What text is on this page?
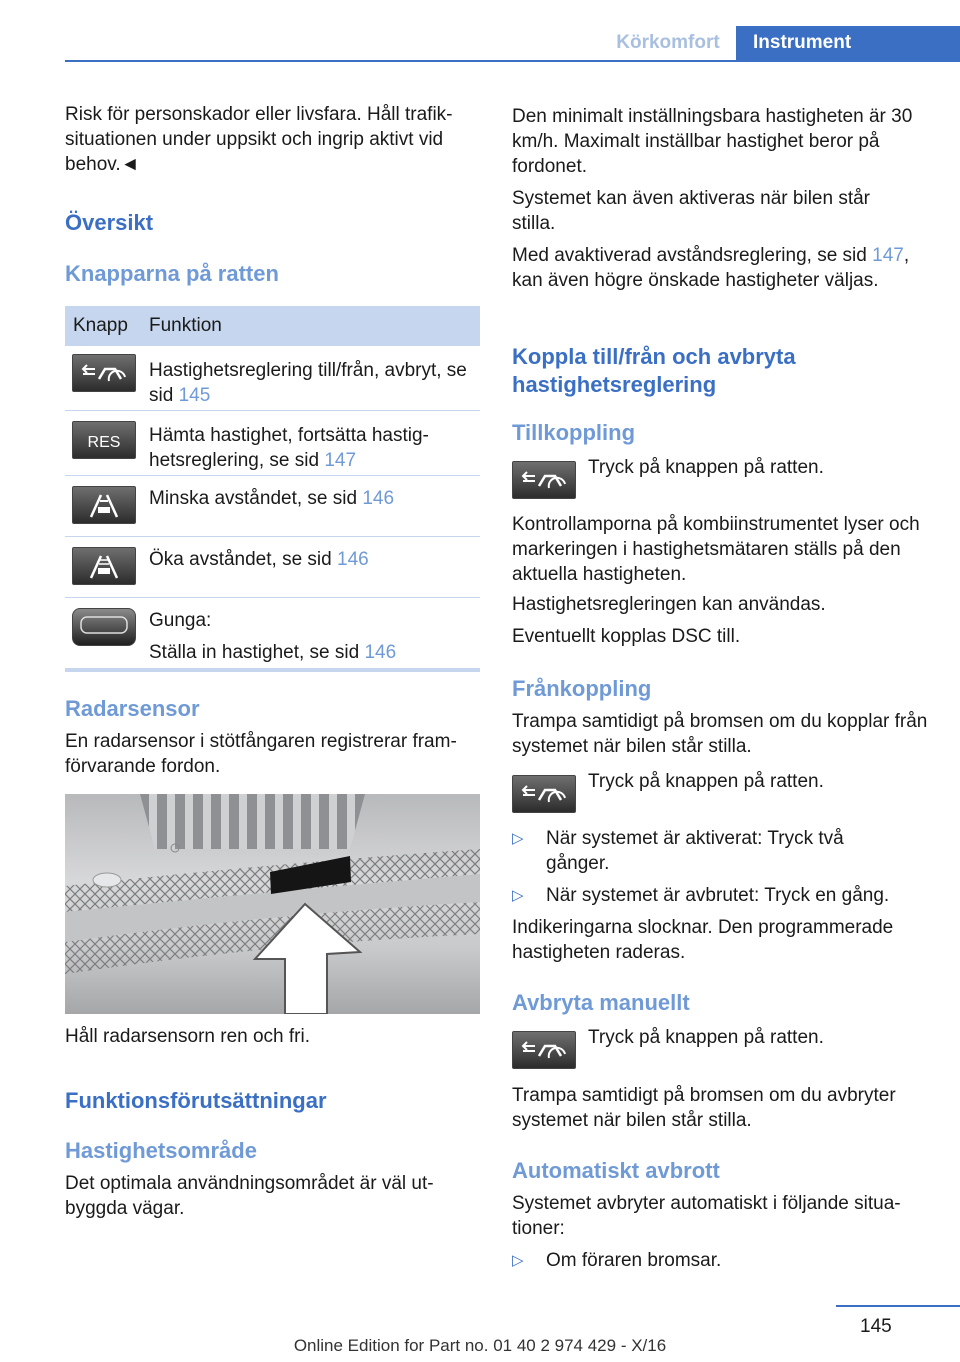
Körkomfort	Instrument

Risk för personskador eller livsfara. Håll trafik-situationen under uppsikt och ingrip aktivt vid behov.◄

Översikt
Knapparna på ratten
Knapp Funktion
Hastighetsreglering till/från, avbryt, se sid 145
RES	Hämta hastighet, fortsätta hastig-hetsreglering, se sid 147
Minska avståndet, se sid 146
Öka avståndet, se sid 146

Gunga:

Ställa in hastighet, se sid 146

Radarsensor
En radarsensor i stötfångaren registrerar fram-förvarande fordon.
Håll radarsensorn ren och fri.
Funktionsförutsättningar
Hastighetsområde
Det optimala användningsområdet är väl ut-byggda vägar.
Den minimalt inställningsbara hastigheten är 30 km/h. Maximalt inställbar hastighet beror på fordonet.
Systemet kan även aktiveras när bilen står stilla.
Med avaktiverad avståndsreglering, se sid 147, kan även högre önskade hastigheter väljas.
Koppla till/från och avbryta hastighetsreglering
Tillkoppling
Tryck på knappen på ratten.
Kontrollamporna på kombiinstrumentet lyser och markeringen i hastighetsmätaren ställs på den aktuella hastigheten.
Hastighetsregleringen kan användas.
Eventuellt kopplas DSC till.
Frånkoppling
Trampa samtidigt på bromsen om du kopplar från systemet när bilen står stilla.
Tryck på knappen på ratten.
▷ När systemet är aktiverat: Tryck två gånger.
▷ När systemet är avbrutet: Tryck en gång.
Indikeringarna slocknar. Den programmerade hastigheten raderas.
Avbryta manuellt
Tryck på knappen på ratten.
Trampa samtidigt på bromsen om du avbryter systemet när bilen står stilla.
Automatiskt avbrott
Systemet avbryter automatiskt i följande situa-tioner:
▷ Om föraren bromsar.
145
Online Edition for Part no. 01 40 2 974 429 - X/16
